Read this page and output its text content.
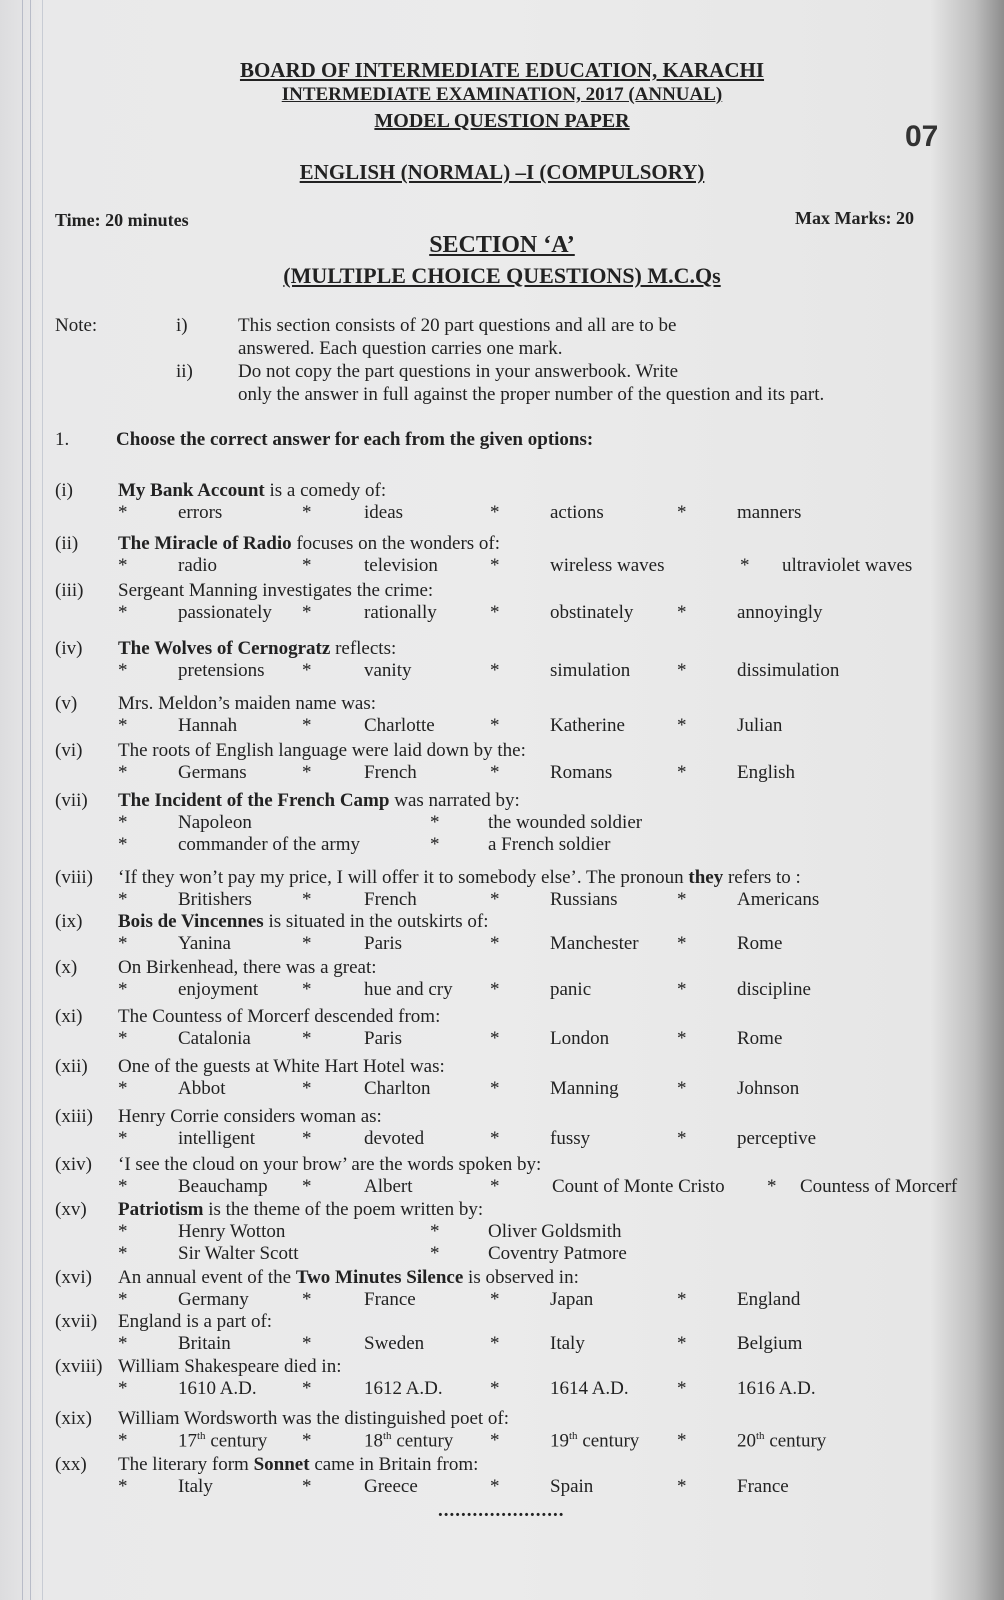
BOARD OF INTERMEDIATE EDUCATION, KARACHI
INTERMEDIATE EXAMINATION, 2017 (ANNUAL)
MODEL QUESTION PAPER	07
ENGLISH (NORMAL) –I (COMPULSORY)
Time: 20 minutes	Max Marks: 20
SECTION ‘A’
(MULTIPLE CHOICE QUESTIONS) M.C.Qs
Note:	i)	This section consists of 20 part questions and all are to be
answered. Each question carries one mark.
ii) Do not copy the part questions in your answerbook. Write
only the answer in full against the proper number of the question and its part.
1. Choose the correct answer for each from the given options:
(i) My Bank Account is a comedy of:
*	errors	*	ideas	*	actions	*	manners
(ii) The Miracle of Radio focuses on the wonders of:
*	radio	*	television	*	wireless waves	* ultraviolet waves
(iii) Sergeant Manning investigates the crime:
*	passionately *	rationally	*	obstinately *	annoyingly
(iv) The Wolves of Cernogratz reflects:
*	pretensions *	vanity	*	simulation *	dissimulation
(v) Mrs. Meldon’s maiden name was:
*	Hannah	*	Charlotte	*	Katherine	*	Julian
(vi) The roots of English language were laid down by the:
*	Germans	*	French	*	Romans	*	English
(vii) The Incident of the French Camp was narrated by:
*	Napoleon	*	the wounded soldier
*	commander of the army	*	a French soldier
(viii) ‘If they won’t pay my price, I will offer it to somebody else’. The pronoun they refers to :
*	Britishers	*	French	*	Russians	*	Americans
(ix) Bois de Vincennes is situated in the outskirts of:
*	Yanina	*	Paris	*	Manchester *	Rome
(x) On Birkenhead, there was a great:
*	enjoyment *	hue and cry *	panic	*	discipline
(xi) The Countess of Morcerf descended from:
*	Catalonia	*	Paris	*	London	*	Rome
(xii) One of the guests at White Hart Hotel was:
*	Abbot	*	Charlton	*	Manning	*	Johnson
(xiii) Henry Corrie considers woman as:
*	intelligent *	devoted	*	fussy	*	perceptive
(xiv) ‘I see the cloud on your brow’ are the words spoken by:
*	Beauchamp *	Albert	*	Count of Monte Cristo * Countess of Morcerf
(xv) Patriotism is the theme of the poem written by:
*	Henry Wotton	*	Oliver Goldsmith
*	Sir Walter Scott	*	Coventry Patmore
(xvi) An annual event of the Two Minutes Silence is observed in:
*	Germany	*	France	*	Japan	*	England
(xvii) England is a part of:
*	Britain	*	Sweden	*	Italy	*	Belgium
(xviii) William Shakespeare died in:
*	1610 A.D. *	1612 A.D. *	1614 A.D.	*	1616 A.D.
(xix) William Wordsworth was the distinguished poet of:
*	17th century *	18th century *	19th century *	20th century
(xx) The literary form Sonnet came in Britain from:
*	Italy	*	Greece	*	Spain	*	France
......................
